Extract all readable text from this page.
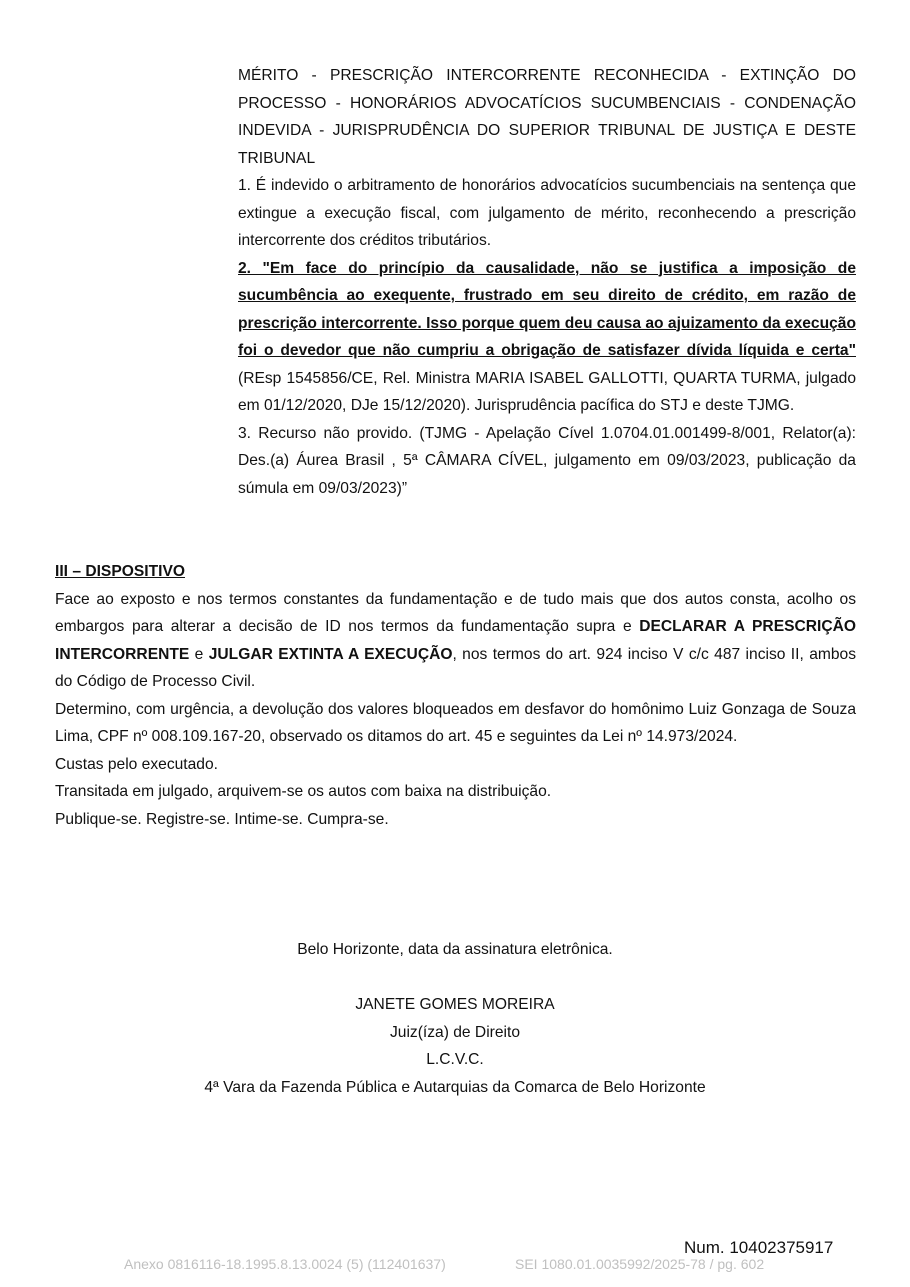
MÉRITO - PRESCRIÇÃO INTERCORRENTE RECONHECIDA - EXTINÇÃO DO PROCESSO - HONORÁRIOS ADVOCATÍCIOS SUCUMBENCIAIS - CONDENAÇÃO INDEVIDA - JURISPRUDÊNCIA DO SUPERIOR TRIBUNAL DE JUSTIÇA E DESTE TRIBUNAL

1. É indevido o arbitramento de honorários advocatícios sucumbenciais na sentença que extingue a execução fiscal, com julgamento de mérito, reconhecendo a prescrição intercorrente dos créditos tributários.

2. "Em face do princípio da causalidade, não se justifica a imposição de sucumbência ao exequente, frustrado em seu direito de crédito, em razão de prescrição intercorrente. Isso porque quem deu causa ao ajuizamento da execução foi o devedor que não cumpriu a obrigação de satisfazer dívida líquida e certa" (REsp 1545856/CE, Rel. Ministra MARIA ISABEL GALLOTTI, QUARTA TURMA, julgado em 01/12/2020, DJe 15/12/2020). Jurisprudência pacífica do STJ e deste TJMG.

3. Recurso não provido. (TJMG - Apelação Cível 1.0704.01.001499-8/001, Relator(a): Des.(a) Áurea Brasil , 5ª CÂMARA CÍVEL, julgamento em 09/03/2023, publicação da súmula em 09/03/2023)”

III – DISPOSITIVO

Face ao exposto e nos termos constantes da fundamentação e de tudo mais que dos autos consta, acolho os embargos para alterar a decisão de ID nos termos da fundamentação supra e DECLARAR A PRESCRIÇÃO INTERCORRENTE e JULGAR EXTINTA A EXECUÇÃO, nos termos do art. 924 inciso V c/c 487 inciso II, ambos do Código de Processo Civil.

Determino, com urgência, a devolução dos valores bloqueados em desfavor do homônimo Luiz Gonzaga de Souza Lima, CPF nº 008.109.167-20, observado os ditamos do art. 45 e seguintes da Lei nº 14.973/2024.

Custas pelo executado.

Transitada em julgado, arquivem-se os autos com baixa na distribuição.

Publique-se. Registre-se. Intime-se. Cumpra-se.

Belo Horizonte, data da assinatura eletrônica.

JANETE GOMES MOREIRA

Juiz(íza) de Direito

L.C.V.C.

4ª Vara da Fazenda Pública e Autarquias da Comarca de Belo Horizonte

Num. 10402375917
Anexo 0816116-18.1995.8.13.0024 (5) (112401637)	SEI 1080.01.0035992/2025-78 / pg. 602
